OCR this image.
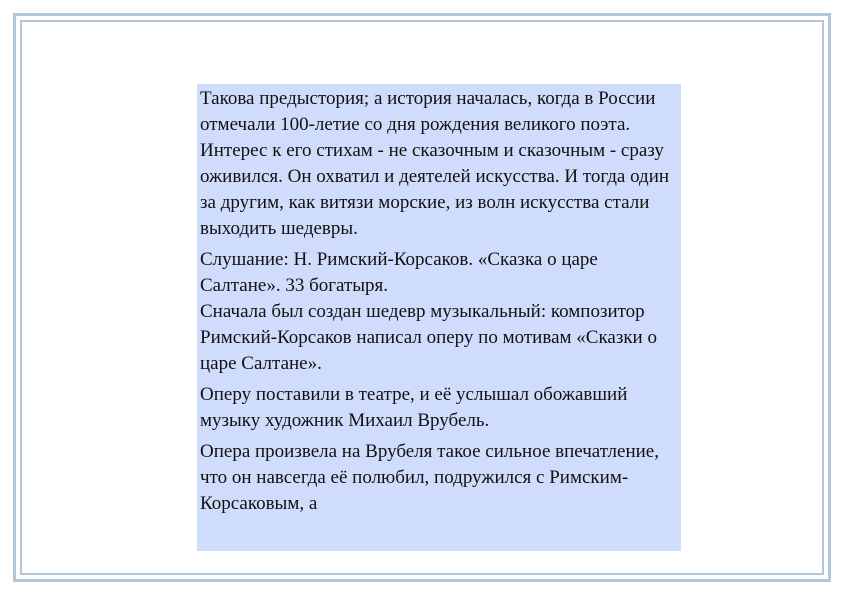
Такова предыстория; а история началась, когда в России отмечали 100-летие со дня рождения великого поэта. Интерес к его стихам - не сказочным и сказочным - сразу оживился. Он охватил и деятелей искусства. И тогда один за другим, как витязи морские, из волн искусства стали выходить шедевры.

Слушание: Н. Римский-Корсаков. «Сказка о царе Салтане». 33 богатыря.

Сначала был создан шедевр музыкальный: композитор Римский-Корсаков написал оперу по мотивам «Сказки о царе Салтане».

Оперу поставили в театре, и её услышал обожавший музыку художник Михаил Врубель.

Опера произвела на Врубеля такое сильное впечатление, что он навсегда её полюбил, подружился с Римским-Корсаковым, а
